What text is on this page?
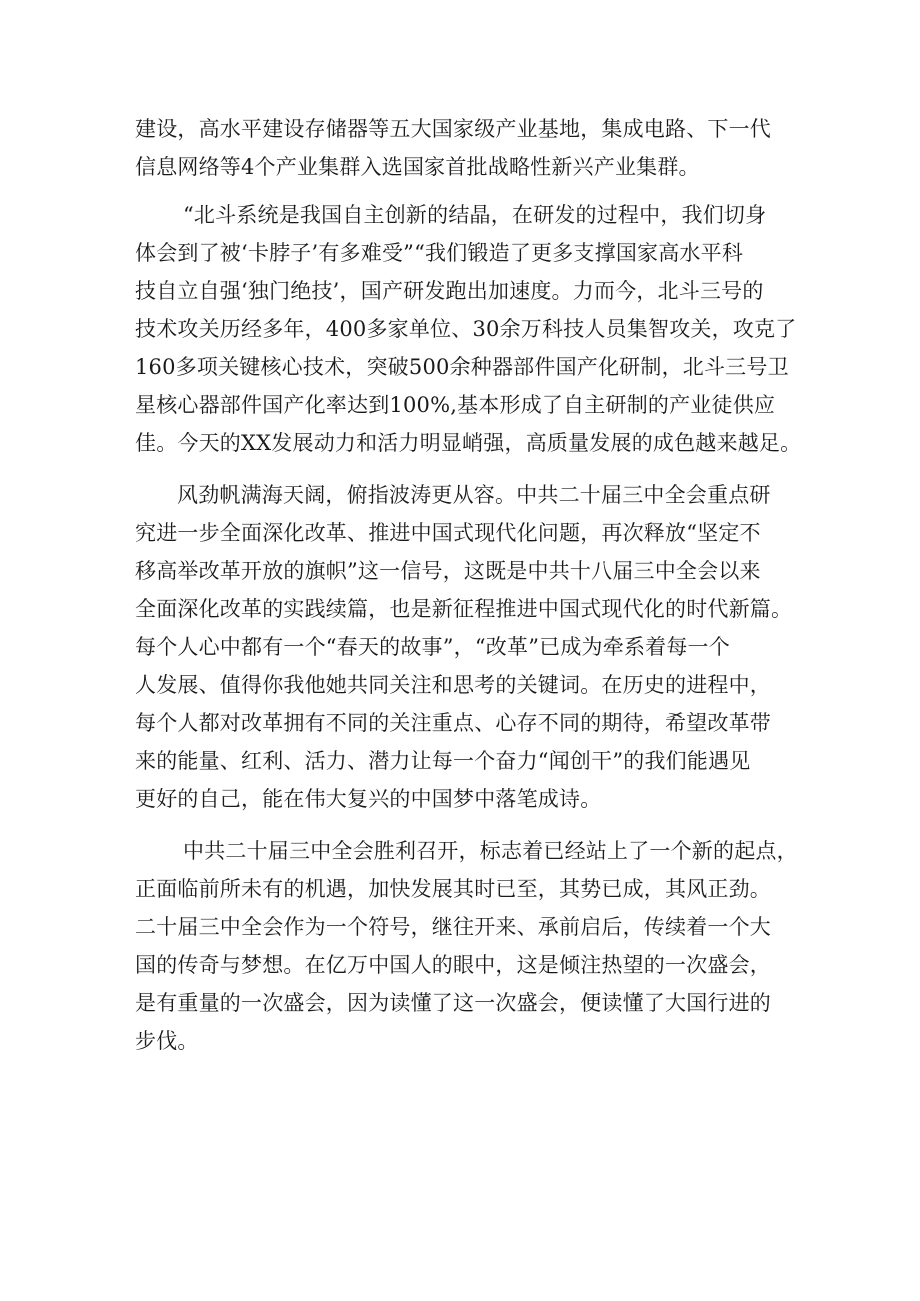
建设，高水平建设存储器等五大国家级产业基地，集成电路、下一代
信息网络等4个产业集群入选国家首批战略性新兴产业集群。
“北斗系统是我国自主创新的结晶，在研发的过程中，我们切身
体会到了被‘卡脖子’有多难受”“我们锻造了更多支撑国家高水平科
技自立自强‘独门绝技’，国产研发跑出加速度。力而今，北斗三号的
技术攻关历经多年，400多家单位、30余万科技人员集智攻关，攻克了
160多项关键核心技术，突破500余种器部件国产化研制，北斗三号卫
星核心器部件国产化率达到100%,基本形成了自主研制的产业徒供应
佳。今天的XX发展动力和活力明显峭强，高质量发展的成色越来越足。
风劲帆满海天阔，俯指波涛更从容。中共二十届三中全会重点研
究进一步全面深化改革、推进中国式现代化问题，再次释放“坚定不
移高举改革开放的旗帜”这一信号，这既是中共十八届三中全会以来
全面深化改革的实践续篇，也是新征程推进中国式现代化的时代新篇。
每个人心中都有一个“春天的故事”，“改革”已成为牵系着每一个
人发展、值得你我他她共同关注和思考的关键词。在历史的进程中，
每个人都对改革拥有不同的关注重点、心存不同的期待，希望改革带
来的能量、红利、活力、潜力让每一个奋力“闻创干”的我们能遇见
更好的自己，能在伟大复兴的中国梦中落笔成诗。
中共二十届三中全会胜利召开，标志着已经站上了一个新的起点，
正面临前所未有的机遇，加快发展其时已至，其势已成，其风正劲。
二十届三中全会作为一个符号，继往开来、承前启后，传续着一个大
国的传奇与梦想。在亿万中国人的眼中，这是倾注热望的一次盛会，
是有重量的一次盛会，因为读懂了这一次盛会，便读懂了大国行进的
步伐。
